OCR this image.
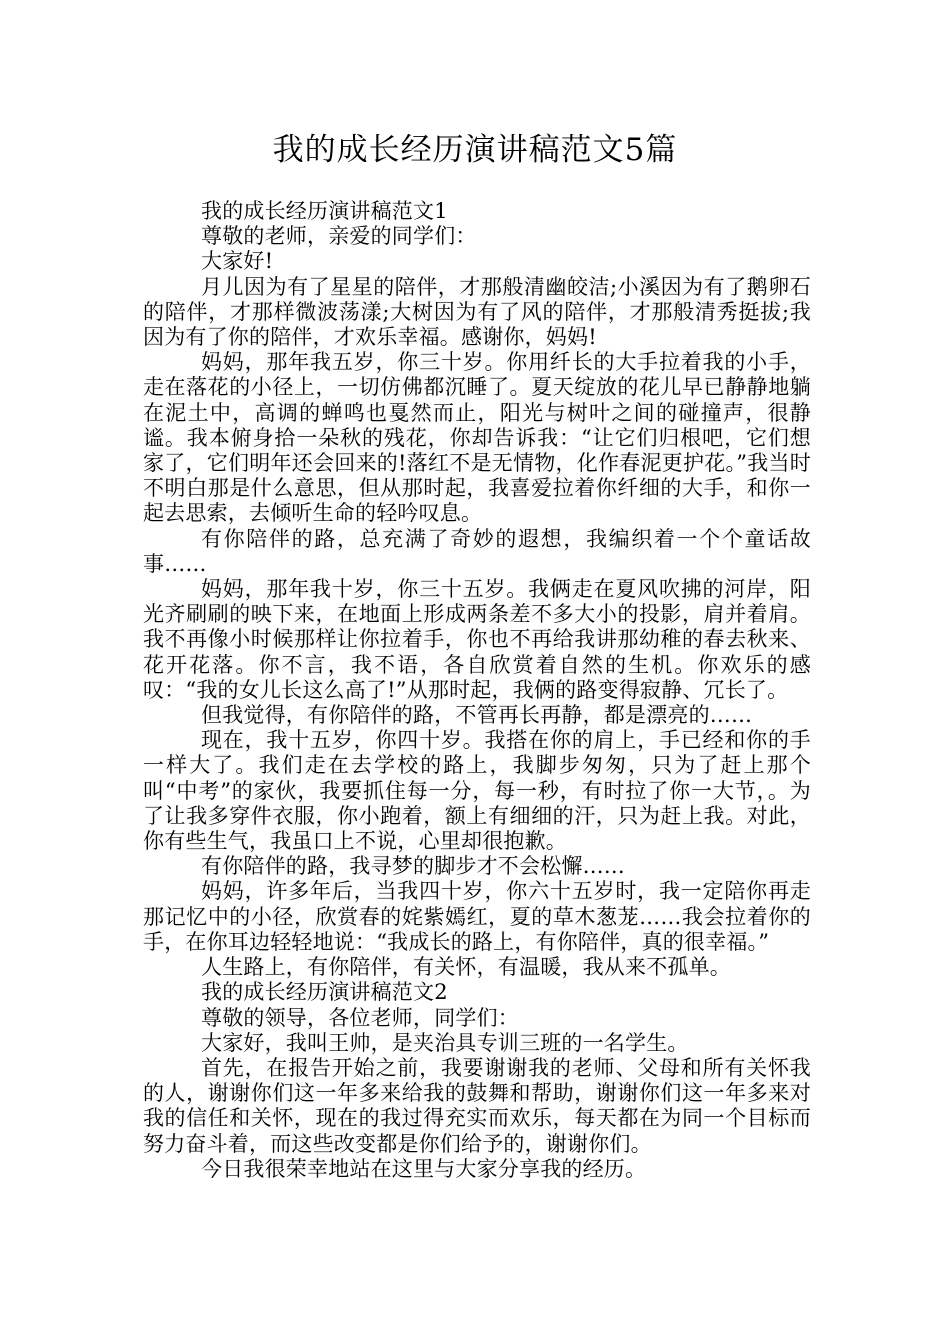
我的成长经历演讲稿范文5篇

我的成长经历演讲稿范文1

尊敬的老师，亲爱的同学们：

大家好!

月儿因为有了星星的陪伴，才那般清幽皎洁;小溪因为有了鹅卵石的陪伴，才那样微波荡漾;大树因为有了风的陪伴，才那般清秀挺拔;我因为有了你的陪伴，才欢乐幸福。感谢你，妈妈!

妈妈，那年我五岁，你三十岁。你用纤长的大手拉着我的小手，走在落花的小径上，一切仿佛都沉睡了。夏天绽放的花儿早已静静地躺在泥土中，高调的蝉鸣也戛然而止，阳光与树叶之间的碰撞声，很静谧。我本俯身拾一朵秋的残花，你却告诉我：“让它们归根吧，它们想家了，它们明年还会回来的!落红不是无情物，化作春泥更护花。”我当时不明白那是什么意思，但从那时起，我喜爱拉着你纤细的大手，和你一起去思索，去倾听生命的轻吟叹息。

有你陪伴的路，总充满了奇妙的遐想，我编织着一个个童话故事……

妈妈，那年我十岁，你三十五岁。我俩走在夏风吹拂的河岸，阳光齐刷刷的映下来，在地面上形成两条差不多大小的投影，肩并着肩。我不再像小时候那样让你拉着手，你也不再给我讲那幼稚的春去秋来、花开花落。你不言，我不语，各自欣赏着自然的生机。你欢乐的感叹：“我的女儿长这么高了!”从那时起，我俩的路变得寂静、冗长了。

但我觉得，有你陪伴的路，不管再长再静，都是漂亮的……

现在，我十五岁，你四十岁。我搭在你的肩上，手已经和你的手一样大了。我们走在去学校的路上，我脚步匆匆，只为了赶上那个叫“中考”的家伙，我要抓住每一分，每一秒，有时拉了你一大节，。为了让我多穿件衣服，你小跑着，额上有细细的汗，只为赶上我。对此，你有些生气，我虽口上不说，心里却很抱歉。

有你陪伴的路，我寻梦的脚步才不会松懈……

妈妈，许多年后，当我四十岁，你六十五岁时，我一定陪你再走那记忆中的小径，欣赏春的姹紫嫣红，夏的草木葱茏……我会拉着你的手，在你耳边轻轻地说：“我成长的路上，有你陪伴，真的很幸福。”

人生路上，有你陪伴，有关怀，有温暖，我从来不孤单。

我的成长经历演讲稿范文2

尊敬的领导，各位老师，同学们：

大家好，我叫王帅，是夹治具专训三班的一名学生。

首先，在报告开始之前，我要谢谢我的老师、父母和所有关怀我的人，谢谢你们这一年多来给我的鼓舞和帮助，谢谢你们这一年多来对我的信任和关怀，现在的我过得充实而欢乐，每天都在为同一个目标而努力奋斗着，而这些改变都是你们给予的，谢谢你们。

今日我很荣幸地站在这里与大家分享我的经历。
